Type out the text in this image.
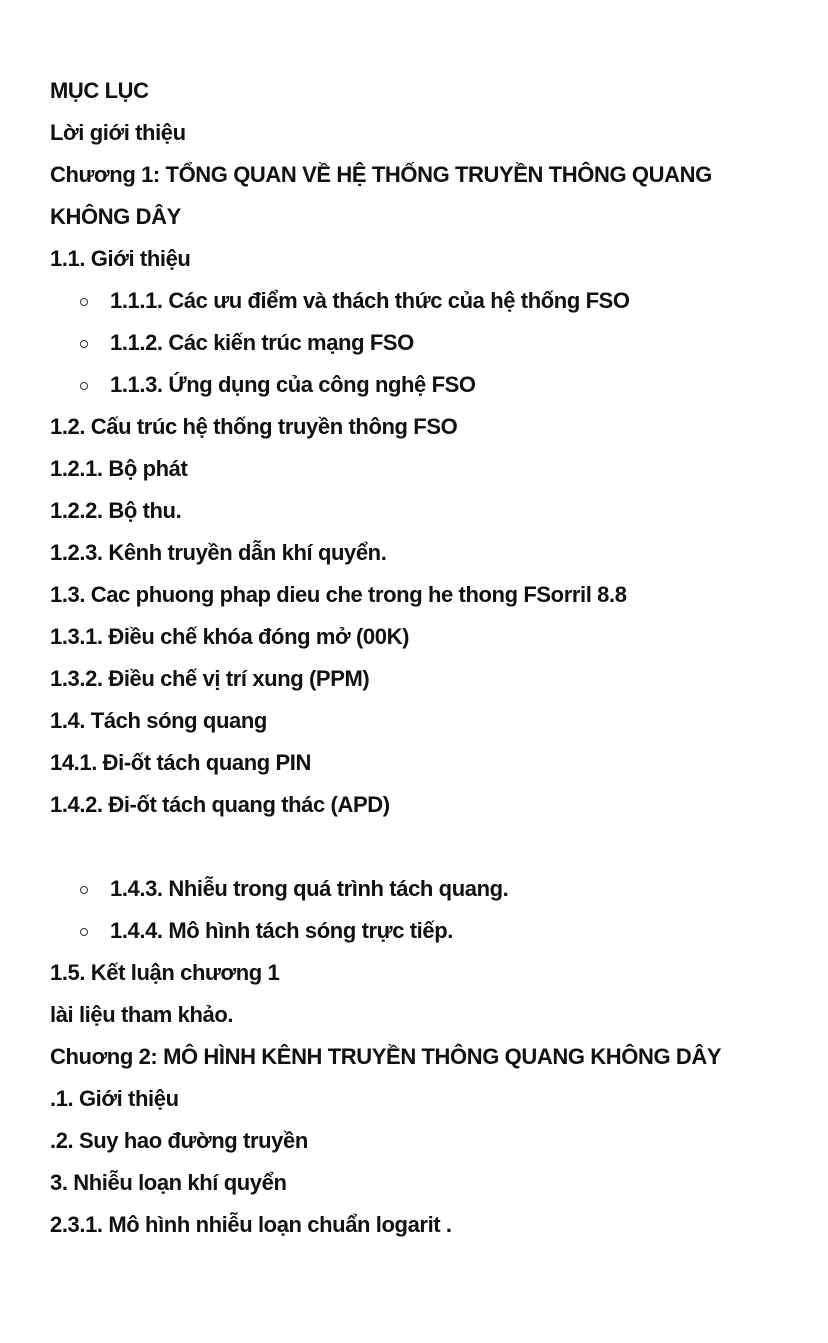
MỤC LỤC
Lời giới thiệu
Chương 1: TỔNG QUAN VỀ HỆ THỐNG TRUYỀN THÔNG QUANG
KHÔNG DÂY
1.1. Giới thiệu
1.1.1. Các ưu điểm và thách thức của hệ thống FSO
1.1.2. Các kiến trúc mạng FSO
1.1.3. Ứng dụng của công nghệ FSO
1.2. Cấu trúc hệ thống truyền thông FSO
1.2.1. Bộ phát
1.2.2. Bộ thu.
1.2.3. Kênh truyền dẫn khí quyển.
1.3. Cac phuong phap dieu che trong he thong FSorril 8.8
1.3.1. Điều chế khóa đóng mở (00K)
1.3.2. Điều chế vị trí xung (PPM)
1.4. Tách sóng quang
14.1. Đi-ốt tách quang PIN
1.4.2. Đi-ốt tách quang thác (APD)
1.4.3. Nhiễu trong quá trình tách quang.
1.4.4. Mô hình tách sóng trực tiếp.
1.5. Kết luận chương 1
lài liệu tham khảo.
Chuơng 2: MÔ HÌNH KÊNH TRUYỀN THÔNG QUANG KHÔNG DÂY
.1. Giới thiệu
.2. Suy hao đường truyền
3. Nhiễu loạn khí quyển
2.3.1. Mô hình nhiễu loạn chuẩn logarit .
